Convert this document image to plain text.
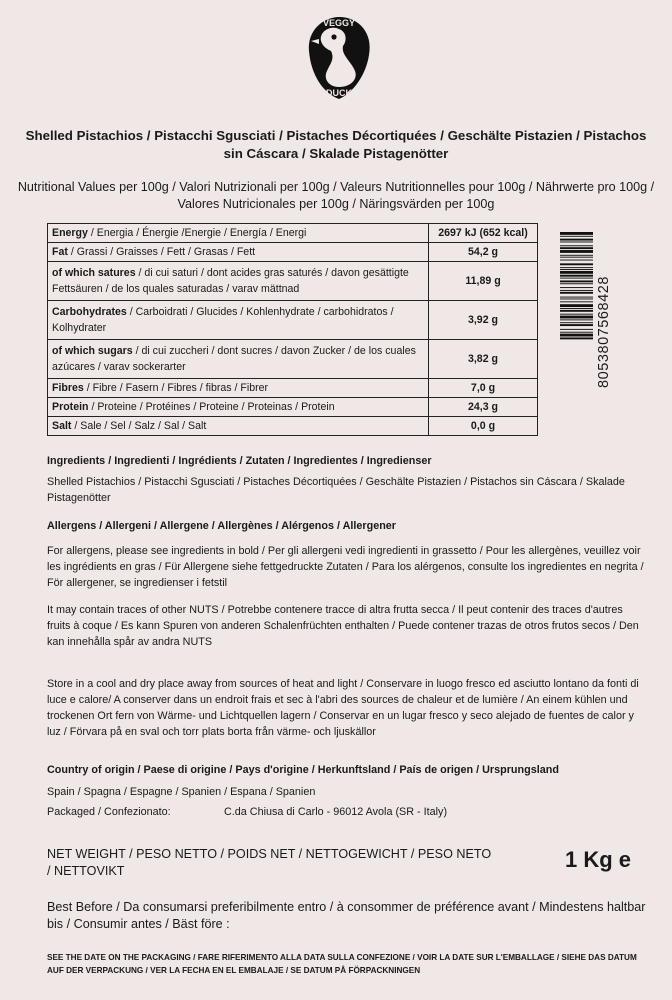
VEGGY
DUCK
Shelled Pistachios / Pistacchi Sgusciati / Pistaches Décortiquées / Geschälte Pistazien / Pistachos sin Cáscara / Skalade Pistagenötter
Nutritional Values per 100g / Valori Nutrizionali per 100g / Valeurs Nutritionnelles pour 100g / Nährwerte pro 100g / Valores Nutricionales per 100g / Näringsvärden per 100g
Energy / Energia / Énergie /Energie / Energía / Energi	2697 kJ (652 kcal)
Fat / Grassi / Graisses / Fett / Grasas / Fett	54,2 g
of which satures / di cui saturi / dont acides gras saturés / davon gesättigte Fettsäuren / de los quales saturadas / varav mättnad	11,89 g
Carbohydrates / Carboidrati / Glucides / Kohlenhydrate / carbohidratos / Kolhydrater	3,92 g
of which sugars / di cui zuccheri / dont sucres / davon Zucker / de los cuales azúcares / varav sockerarter	3,82 g
Fibres / Fibre / Fasern / Fibres / fibras / Fibrer	7,0 g
Protein / Proteine / Protéines / Proteine / Proteinas / Protein	24,3 g
Salt / Sale / Sel / Salz / Sal / Salt	0,0 g
8053807568428
Ingredients / Ingredienti / Ingrédients / Zutaten / Ingredientes / Ingredienser
Shelled Pistachios / Pistacchi Sgusciati / Pistaches Décortiquées / Geschälte Pistazien / Pistachos sin Cáscara / Skalade Pistagenötter
Allergens / Allergeni / Allergene / Allergènes / Alérgenos / Allergener
For allergens, please see ingredients in bold / Per gli allergeni vedi ingredienti in grassetto / Pour les allergènes, veuillez voir les ingrédients en gras / Für Allergene siehe fettgedruckte Zutaten / Para los alérgenos, consulte los ingredientes en negrita / För allergener, se ingredienser i fetstil
It may contain traces of other NUTS / Potrebbe contenere tracce di altra frutta secca / Il peut contenir des traces d'autres fruits à coque / Es kann Spuren von anderen Schalenfrüchten enthalten / Puede contener trazas de otros frutos secos / Den kan innehålla spår av andra NUTS
Store in a cool and dry place away from sources of heat and light / Conservare in luogo fresco ed asciutto lontano da fonti di luce e calore/ A conserver dans un endroit frais et sec à l'abri des sources de chaleur et de lumière / An einem kühlen und trockenen Ort fern von Wärme- und Lichtquellen lagern / Conservar en un lugar fresco y seco alejado de fuentes de calor y luz / Förvara på en sval och torr plats borta från värme- och ljuskällor
Country of origin / Paese di origine / Pays d'origine / Herkunftsland / País de origen / Ursprungsland
Spain / Spagna / Espagne / Spanien / Espana / Spanien
Packaged / Confezionato:	C.da Chiusa di Carlo - 96012 Avola (SR - Italy)
NET WEIGHT / PESO NETTO / POIDS NET / NETTOGEWICHT / PESO NETO / NETTOVIKT	1 Kg e
Best Before / Da consumarsi preferibilmente entro / à consommer de préférence avant / Mindestens haltbar bis / Consumir antes / Bäst före :
SEE THE DATE ON THE PACKAGING / FARE RIFERIMENTO ALLA DATA SULLA CONFEZIONE / VOIR LA DATE SUR L'EMBALLAGE / SIEHE DAS DATUM AUF DER VERPACKUNG / VER LA FECHA EN EL EMBALAJE / SE DATUM PÅ FÖRPACKNINGEN
